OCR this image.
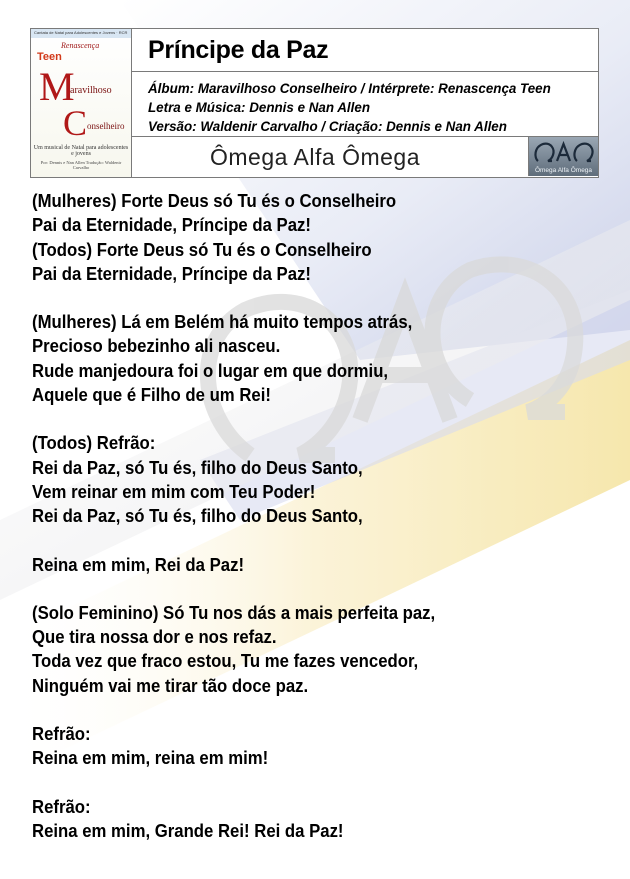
Cantata de Natal para Adolescentes e Jovens · RCR
Renascença
Teen
M
aravilhoso
C onselheiro
Um musical de Natal para adolescentes e jovens
Por: Dennis e Nan Allen Tradução: Waldenir Carvalho
Príncipe da Paz
Álbum: Maravilhoso Conselheiro / Intérprete: Renascença Teen
Letra e Música: Dennis e Nan Allen
Versão: Waldenir Carvalho / Criação: Dennis e Nan Allen
Ômega Alfa Ômega
Ômega Alfa Ômega
(Mulheres) Forte Deus só Tu és o Conselheiro
Pai da Eternidade, Príncipe da Paz!
(Todos) Forte Deus só Tu és o Conselheiro
Pai da Eternidade, Príncipe da Paz!
(Mulheres) Lá em Belém há muito tempos atrás,
Precioso bebezinho ali nasceu.
Rude manjedoura foi o lugar em que dormiu,
Aquele que é Filho de um Rei!
(Todos) Refrão:
Rei da Paz, só Tu és, filho do Deus Santo,
Vem reinar em mim com Teu Poder!
Rei da Paz, só Tu és, filho do Deus Santo,
Reina em mim, Rei da Paz!
(Solo Feminino) Só Tu nos dás a mais perfeita paz,
Que tira nossa dor e nos refaz.
Toda vez que fraco estou, Tu me fazes vencedor,
Ninguém vai me tirar tão doce paz.
Refrão:
Reina em mim, reina em mim!
Refrão:
Reina em mim, Grande Rei! Rei da Paz!
